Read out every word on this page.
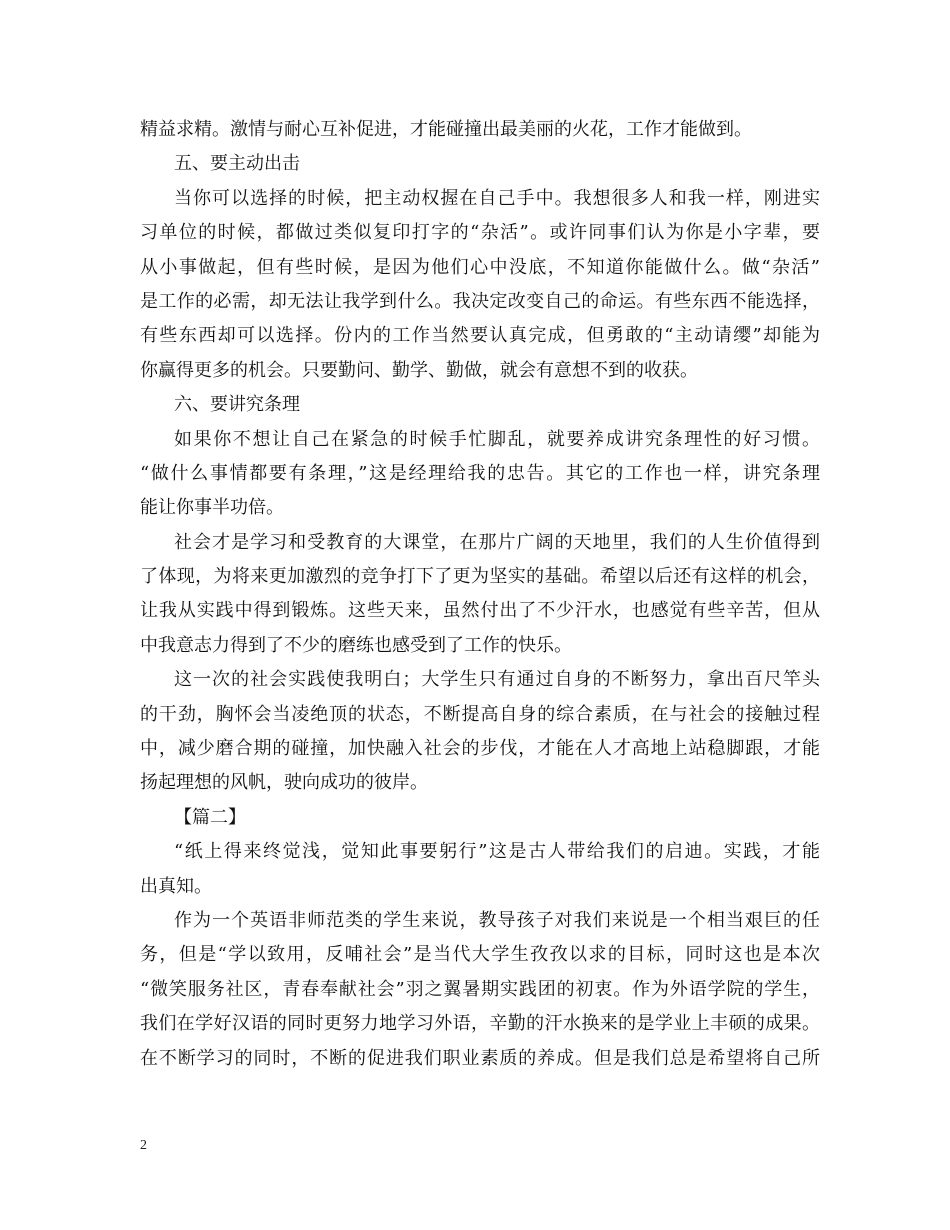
精益求精。激情与耐心互补促进，才能碰撞出最美丽的火花，工作才能做到。
五、要主动出击
当你可以选择的时候，把主动权握在自己手中。我想很多人和我一样，刚进实
习单位的时候，都做过类似复印打字的“杂活”。或许同事们认为你是小字辈，要
从小事做起，但有些时候，是因为他们心中没底，不知道你能做什么。做“杂活”
是工作的必需，却无法让我学到什么。我决定改变自己的命运。有些东西不能选择，
有些东西却可以选择。份内的工作当然要认真完成，但勇敢的“主动请缨”却能为
你赢得更多的机会。只要勤问、勤学、勤做，就会有意想不到的收获。
六、要讲究条理
如果你不想让自己在紧急的时候手忙脚乱，就要养成讲究条理性的好习惯。
“做什么事情都要有条理，”这是经理给我的忠告。其它的工作也一样，讲究条理
能让你事半功倍。
社会才是学习和受教育的大课堂，在那片广阔的天地里，我们的人生价值得到
了体现，为将来更加激烈的竞争打下了更为坚实的基础。希望以后还有这样的机会，
让我从实践中得到锻炼。这些天来，虽然付出了不少汗水，也感觉有些辛苦，但从
中我意志力得到了不少的磨练也感受到了工作的快乐。
这一次的社会实践使我明白；大学生只有通过自身的不断努力，拿出百尺竿头
的干劲，胸怀会当凌绝顶的状态，不断提高自身的综合素质，在与社会的接触过程
中，减少磨合期的碰撞，加快融入社会的步伐，才能在人才高地上站稳脚跟，才能
扬起理想的风帆，驶向成功的彼岸。
【篇二】
“纸上得来终觉浅，觉知此事要躬行”这是古人带给我们的启迪。实践，才能
出真知。
作为一个英语非师范类的学生来说，教导孩子对我们来说是一个相当艰巨的任
务，但是“学以致用，反哺社会”是当代大学生孜孜以求的目标，同时这也是本次
“微笑服务社区，青春奉献社会”羽之翼暑期实践团的初衷。作为外语学院的学生，
我们在学好汉语的同时更努力地学习外语，辛勤的汗水换来的是学业上丰硕的成果。
在不断学习的同时，不断的促进我们职业素质的养成。但是我们总是希望将自己所
2
